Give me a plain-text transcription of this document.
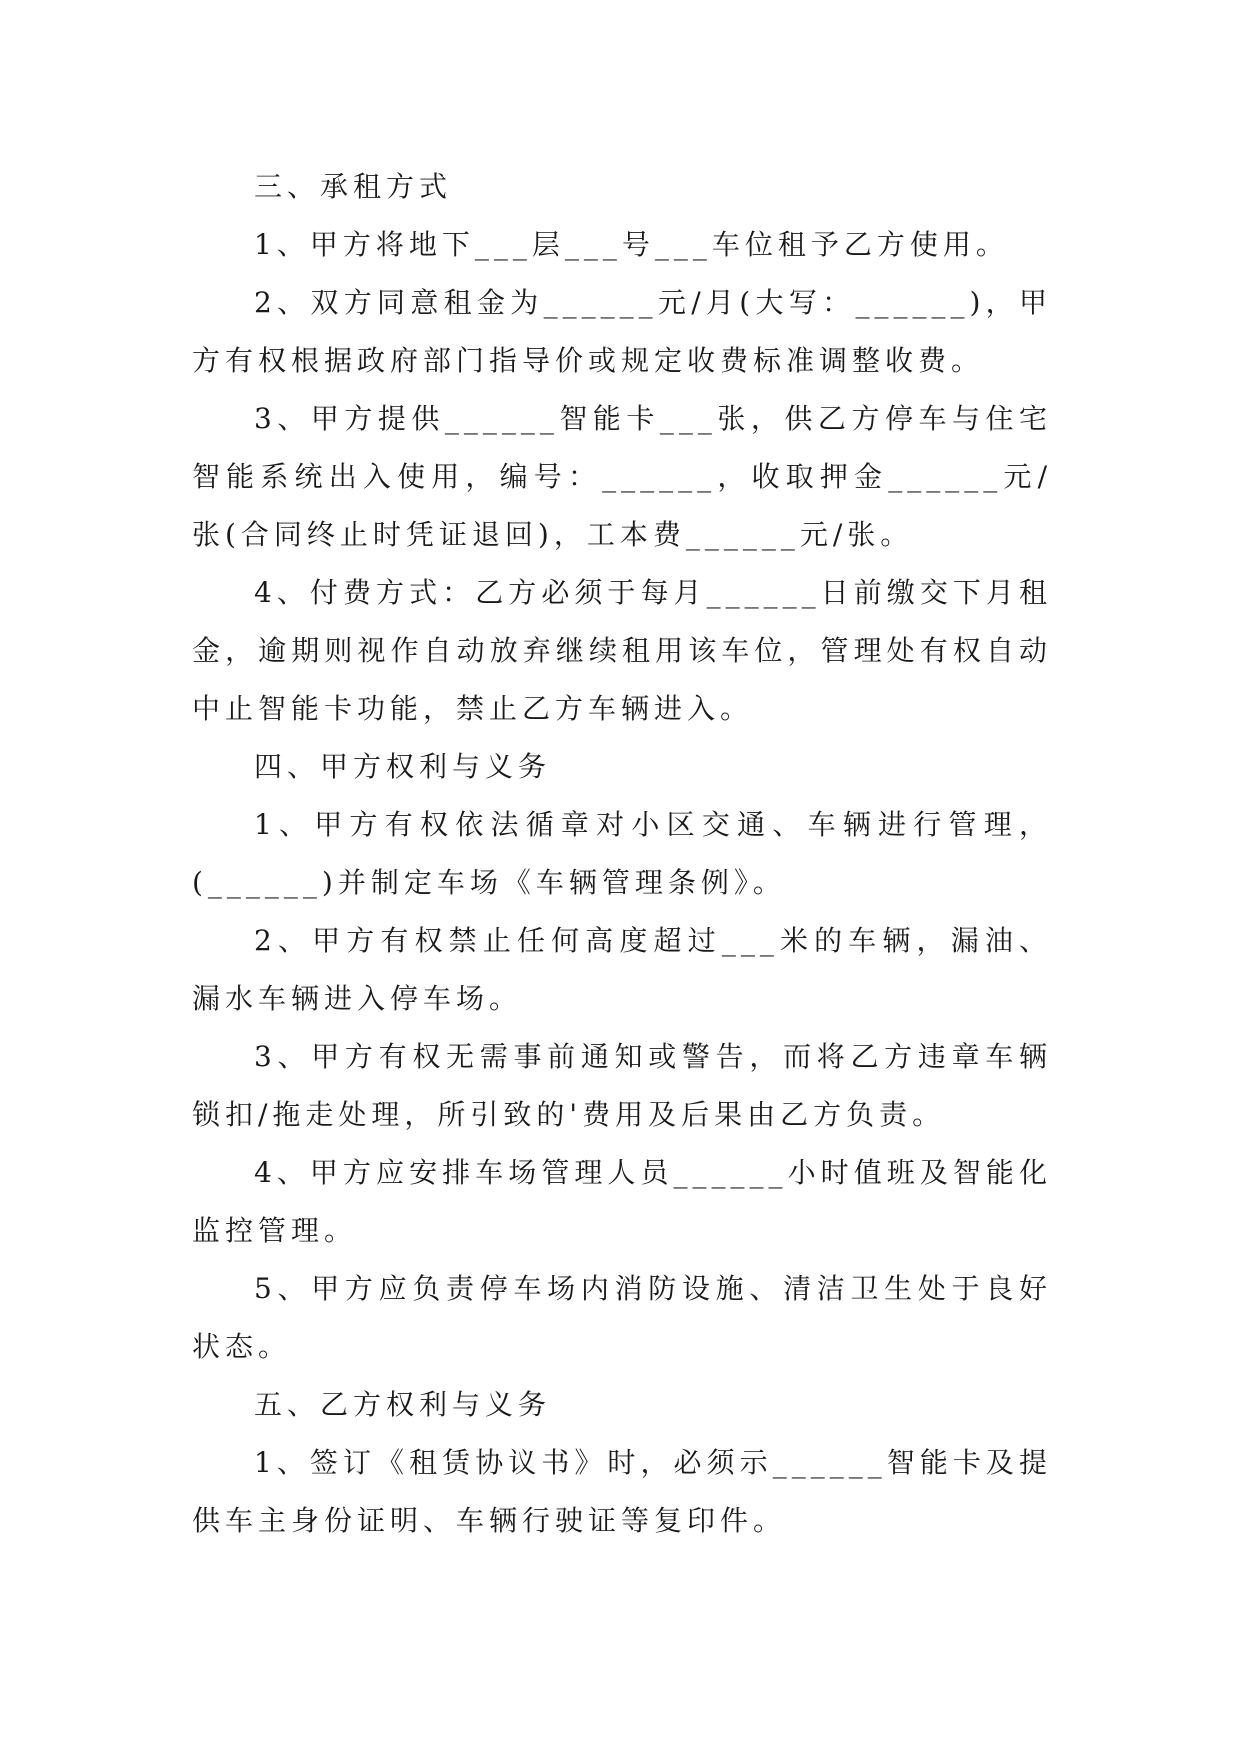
三、承租方式

1、甲方将地下___层___号___车位租予乙方使用。

2、双方同意租金为______元/月(大写：______)，甲方有权根据政府部门指导价或规定收费标准调整收费。

3、甲方提供______智能卡___张，供乙方停车与住宅智能系统出入使用，编号：______，收取押金______元/张(合同终止时凭证退回)，工本费______元/张。

4、付费方式：乙方必须于每月______日前缴交下月租金，逾期则视作自动放弃继续租用该车位，管理处有权自动中止智能卡功能，禁止乙方车辆进入。

四、甲方权利与义务

1、甲方有权依法循章对小区交通、车辆进行管理，(______)并制定车场《车辆管理条例》。

2、甲方有权禁止任何高度超过___米的车辆，漏油、漏水车辆进入停车场。

3、甲方有权无需事前通知或警告，而将乙方违章车辆锁扣/拖走处理，所引致的'费用及后果由乙方负责。

4、甲方应安排车场管理人员______小时值班及智能化监控管理。

5、甲方应负责停车场内消防设施、清洁卫生处于良好状态。

五、乙方权利与义务

1、签订《租赁协议书》时，必须示______智能卡及提供车主身份证明、车辆行驶证等复印件。
